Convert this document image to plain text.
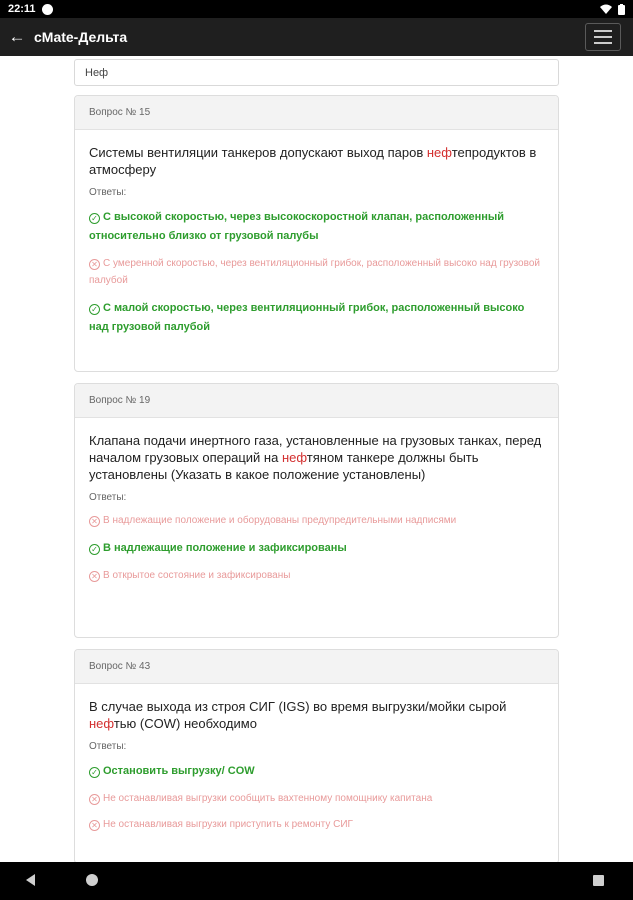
22:11
← cMate-Дельта
Неф
Вопрос № 15
Системы вентиляции танкеров допускают выход паров нефтепродуктов в атмосферу
Ответы:
✓ С высокой скоростью, через высокоскоростной клапан, расположенный относительно близко от грузовой палубы
✕ С умеренной скоростью, через вентиляционный грибок, расположенный высоко над грузовой палубой
✓ С малой скоростью, через вентиляционный грибок, расположенный высоко над грузовой палубой
Вопрос № 19
Клапана подачи инертного газа, установленные на грузовых танках, перед началом грузовых операций на нефтяном танкере должны быть установлены (Указать в какое положение установлены)
Ответы:
✕ В надлежащие положение и оборудованы предупредительными надписями
✓ В надлежащие положение и зафиксированы
✕ В открытое состояние и зафиксированы
Вопрос № 43
В случае выхода из строя СИГ (IGS) во время выгрузки/мойки сырой нефтью (COW) необходимо
Ответы:
✓ Остановить выгрузку/ COW
✕ Не останавливая выгрузки сообщить вахтенному помощнику капитана
✕ Не останавливая выгрузки приступить к ремонту СИГ
